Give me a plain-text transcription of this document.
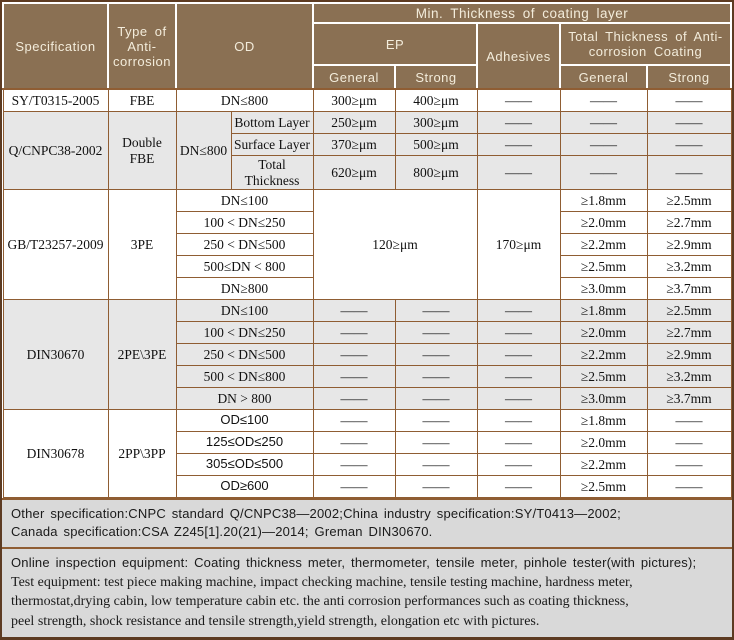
Specification	Type of Anti-corrosion	OD		Min. Thickness of coating layer				
				EP		Adhesives	Total Thickness of Anti-corrosion Coating	
				General	Strong		General	Strong
SY/T0315-2005	FBE	DN≤800		300≥μm	400≥μm	——	——	——
Q/CNPC38-2002	Double FBE	DN≤800	Bottom Layer	250≥μm	300≥μm	——	——	——
			Surface Layer	370≥μm	500≥μm	——	——	——
			Total Thickness	620≥μm	800≥μm	——	——	——
GB/T23257-2009	3PE	DN≤100		120≥μm		170≥μm	≥1.8mm	≥2.5mm
		100 < DN≤250					≥2.0mm	≥2.7mm
		250 < DN≤500					≥2.2mm	≥2.9mm
		500≤DN < 800					≥2.5mm	≥3.2mm
		DN≥800					≥3.0mm	≥3.7mm
DIN30670	2PE\3PE	DN≤100		——	——	——	≥1.8mm	≥2.5mm
		100 < DN≤250		——	——	——	≥2.0mm	≥2.7mm
		250 < DN≤500		——	——	——	≥2.2mm	≥2.9mm
		500 < DN≤800		——	——	——	≥2.5mm	≥3.2mm
		DN > 800		——	——	——	≥3.0mm	≥3.7mm
DIN30678	2PP\3PP	OD≤100		——	——	——	≥1.8mm	——
		125≤OD≤250		——	——	——	≥2.0mm	——
		305≤OD≤500		——	——	——	≥2.2mm	——
		OD≥600		——	——	——	≥2.5mm	——
Other specification:CNPC standard Q/CNPC38—2002;China industry specification:SY/T0413—2002;
Canada specification:CSA Z245[1].20(21)—2014; Greman DIN30670.
Online inspection equipment: Coating thickness meter, thermometer, tensile meter, pinhole tester(with pictures);
Test equipment: test piece making machine, impact checking machine, tensile testing machine, hardness meter,
thermostat,drying cabin, low temperature cabin etc. the anti corrosion performances such as coating thickness,
peel strength, shock resistance and tensile strength,yield strength, elongation etc with pictures.
